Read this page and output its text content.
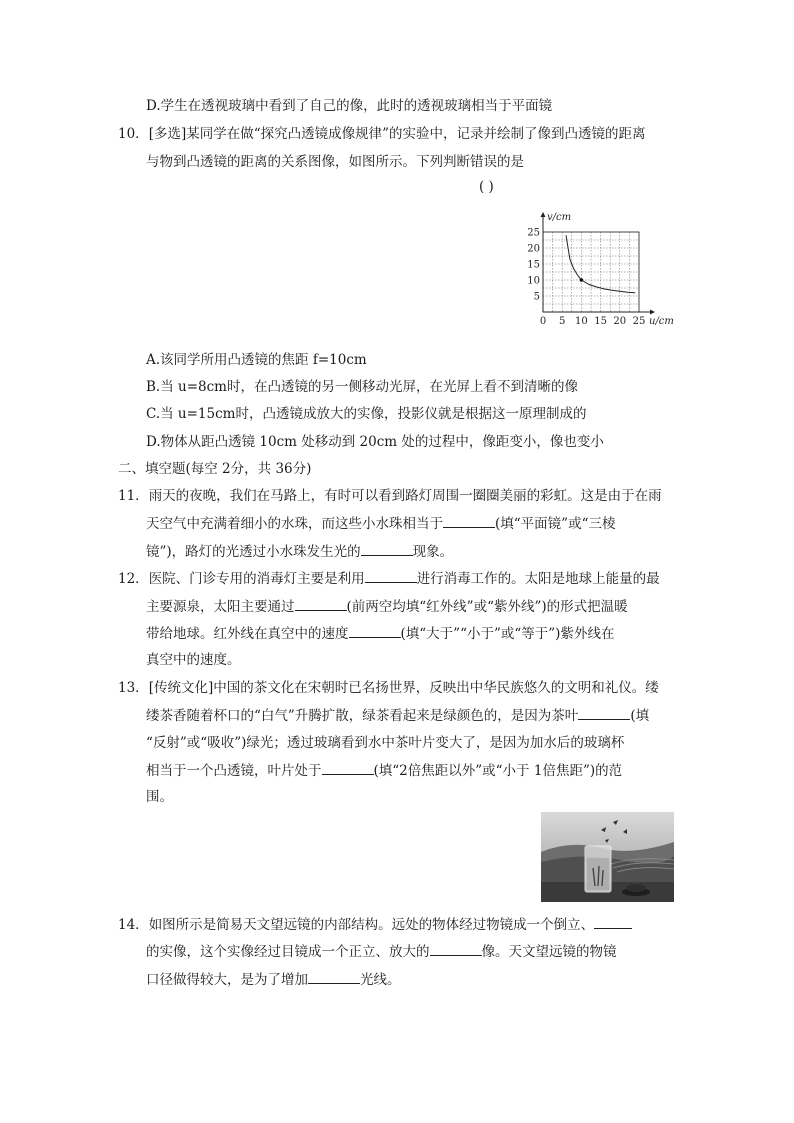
D.学生在透视玻璃中看到了自己的像，此时的透视玻璃相当于平面镜
10．[多选]某同学在做“探究凸透镜成像规律”的实验中，记录并绘制了像到凸透镜的距离
与物到凸透镜的距离的关系图像，如图所示。下列判断错误的是
( )
0 5 10 15 20 25
5
10
15
20
25
v/cm
u/cm
A.该同学所用凸透镜的焦距 f=10cm
B.当 u=8cm时，在凸透镜的另一侧移动光屏，在光屏上看不到清晰的像
C.当 u=15cm时，凸透镜成放大的实像，投影仪就是根据这一原理制成的
D.物体从距凸透镜 10cm 处移动到 20cm 处的过程中，像距变小，像也变小
二、填空题(每空 2分，共 36分)
11．雨天的夜晚，我们在马路上，有时可以看到路灯周围一圈圈美丽的彩虹。这是由于在雨
天空气中充满着细小的水珠，而这些小水珠相当于	(填“平面镜”或“三棱
镜”)，路灯的光透过小水珠发生光的	现象。
12．医院、门诊专用的消毒灯主要是利用	进行消毒工作的。太阳是地球上能量的最
主要源泉，太阳主要通过	(前两空均填“红外线”或“紫外线”)的形式把温暖
带给地球。红外线在真空中的速度	(填“大于”“小于”或“等于”)紫外线在
真空中的速度。
13．[传统文化]中国的茶文化在宋朝时已名扬世界，反映出中华民族悠久的文明和礼仪。缕
缕茶香随着杯口的“白气”升腾扩散，绿茶看起来是绿颜色的，是因为茶叶	(填
“反射”或“吸收”)绿光；透过玻璃看到水中茶叶片变大了，是因为加水后的玻璃杯
相当于一个凸透镜，叶片处于	(填“2倍焦距以外”或“小于 1倍焦距”)的范
围。
14．如图所示是简易天文望远镜的内部结构。远处的物体经过物镜成一个倒立、
的实像，这个实像经过目镜成一个正立、放大的	像。天文望远镜的物镜
口径做得较大，是为了增加	光线。
